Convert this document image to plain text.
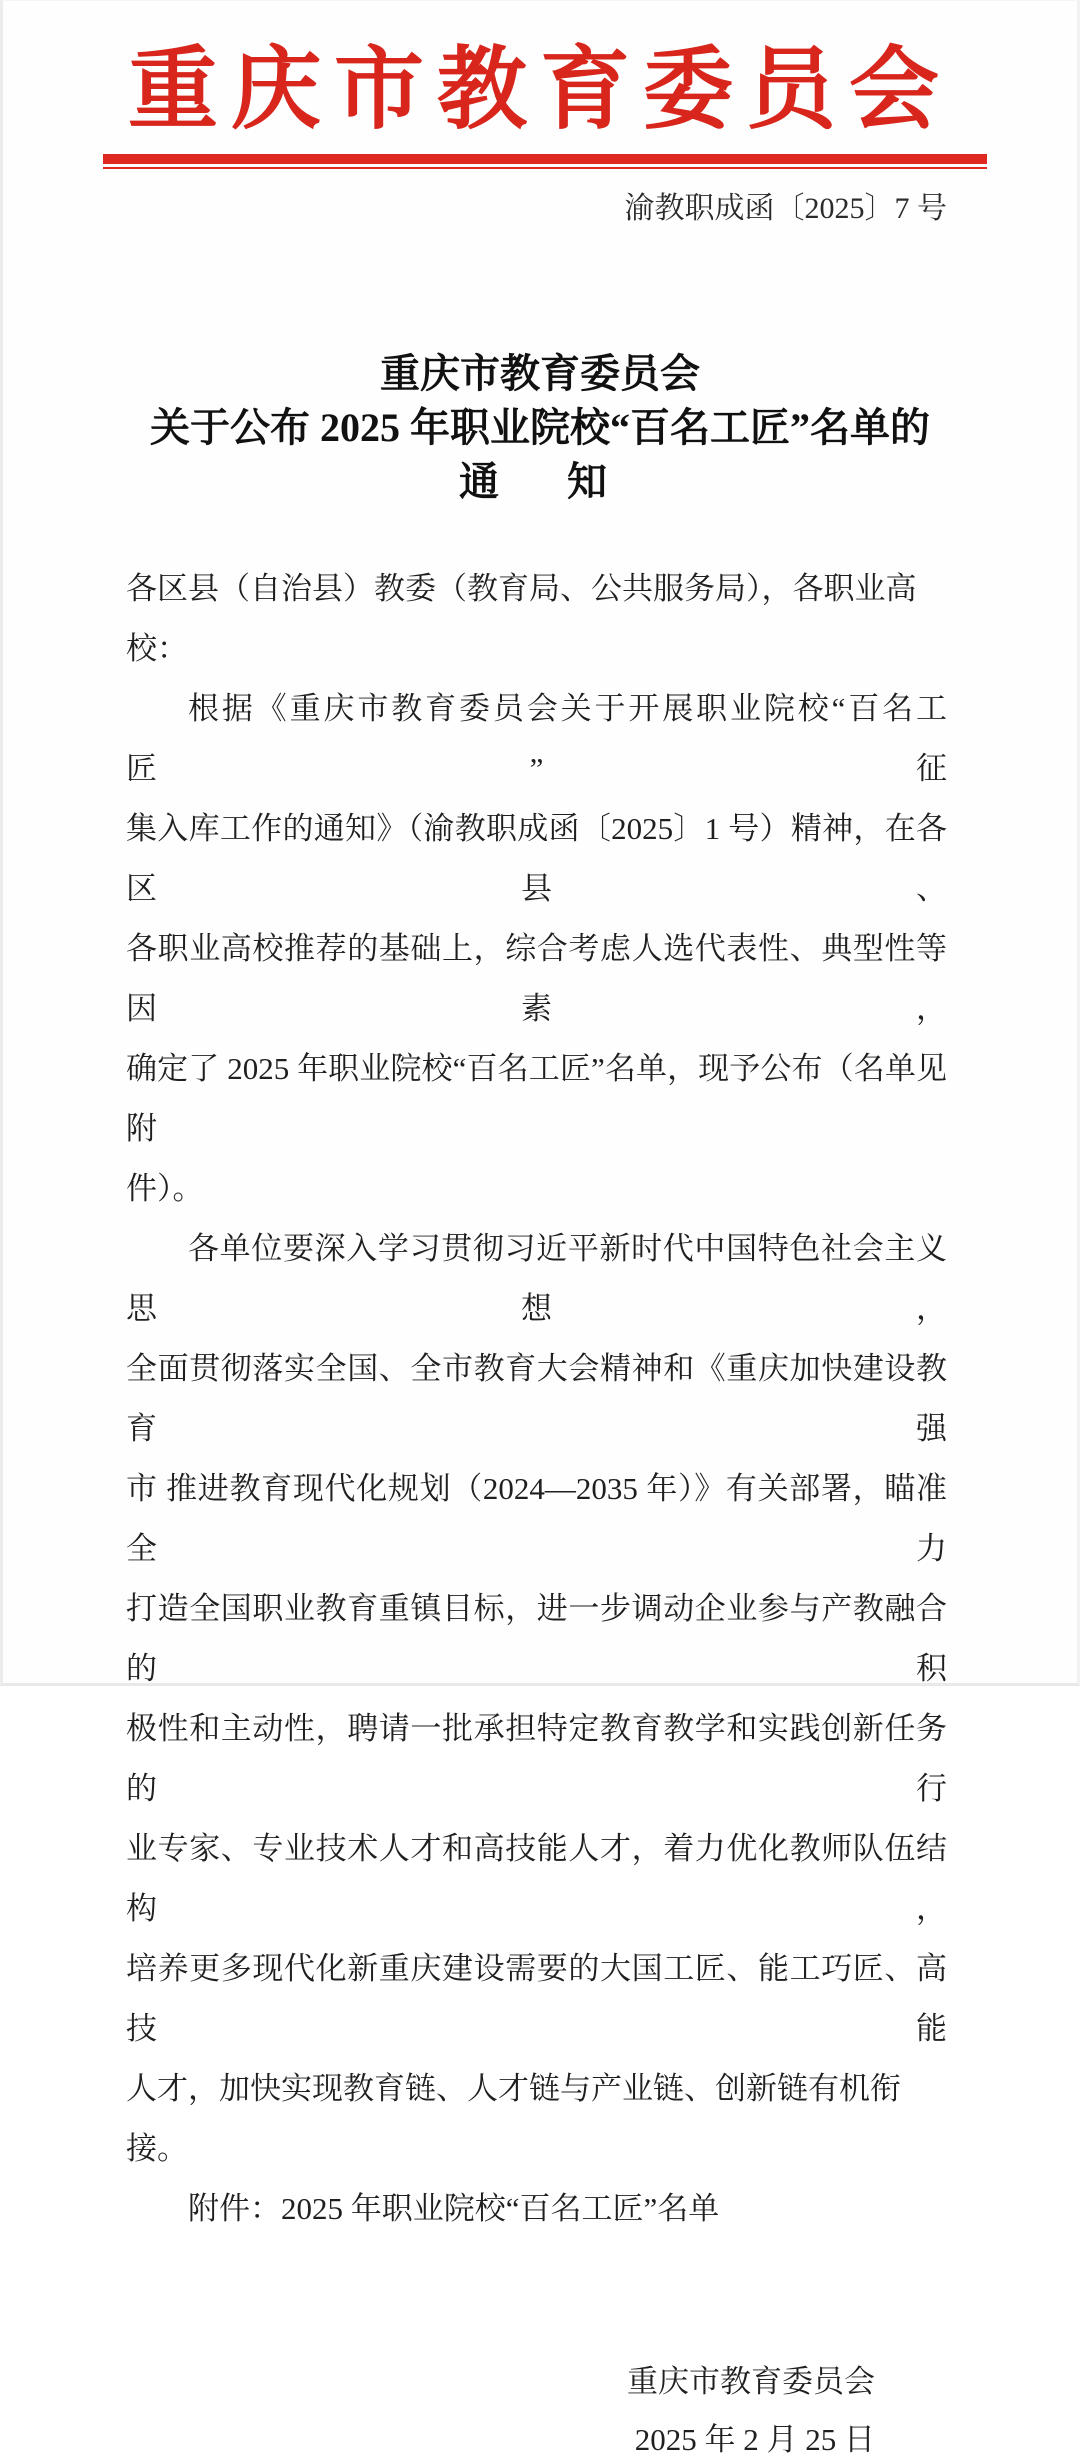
重庆市教育委员会
渝教职成函〔2025〕7 号
重庆市教育委员会
关于公布 2025 年职业院校“百名工匠”名单的
通　知
各区县（自治县）教委（教育局、公共服务局），各职业高校：
根据《重庆市教育委员会关于开展职业院校“百名工匠”征
集入库工作的通知》（渝教职成函〔2025〕1 号）精神，在各区县、
各职业高校推荐的基础上，综合考虑人选代表性、典型性等因素，
确定了 2025 年职业院校“百名工匠”名单，现予公布（名单见附
件）。
各单位要深入学习贯彻习近平新时代中国特色社会主义思想，
全面贯彻落实全国、全市教育大会精神和《重庆加快建设教育强
市 推进教育现代化规划（2024—2035 年）》有关部署，瞄准全力
打造全国职业教育重镇目标，进一步调动企业参与产教融合的积
极性和主动性，聘请一批承担特定教育教学和实践创新任务的行
业专家、专业技术人才和高技能人才，着力优化教师队伍结构，
培养更多现代化新重庆建设需要的大国工匠、能工巧匠、高技能
人才，加快实现教育链、人才链与产业链、创新链有机衔接。
附件：2025 年职业院校“百名工匠”名单
重庆市教育委员会
2025 年 2 月 25 日
